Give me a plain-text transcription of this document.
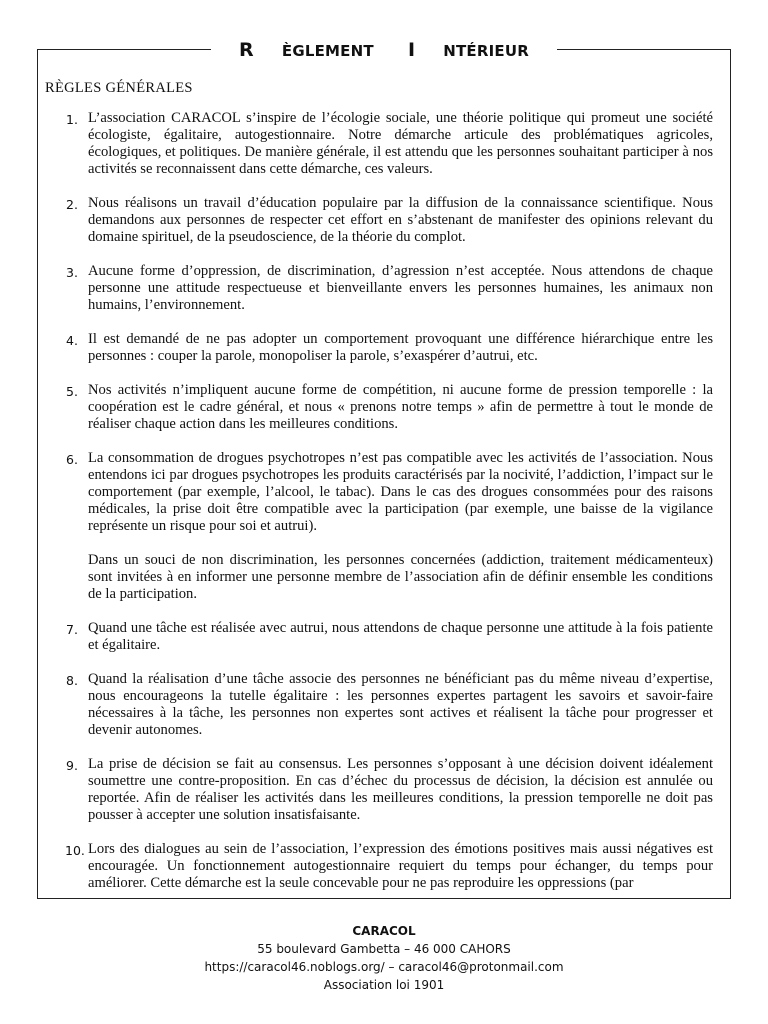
R ÈGLEMENT I NTÉRIEUR
RÈGLES GÉNÉRALES
1. L’association CARACOL s’inspire de l’écologie sociale, une théorie politique qui promeut une société écologiste, égalitaire, autogestionnaire. Notre démarche articule des problématiques agricoles, écologiques, et politiques. De manière générale, il est attendu que les personnes souhaitant participer à nos activités se reconnaissent dans cette démarche, ces valeurs.
2. Nous réalisons un travail d’éducation populaire par la diffusion de la connaissance scientifique. Nous demandons aux personnes de respecter cet effort en s’abstenant de manifester des opinions relevant du domaine spirituel, de la pseudoscience, de la théorie du complot.
3. Aucune forme d’oppression, de discrimination, d’agression n’est acceptée. Nous attendons de chaque personne une attitude respectueuse et bienveillante envers les personnes humaines, les animaux non humains, l’environnement.
4. Il est demandé de ne pas adopter un comportement provoquant une différence hiérarchique entre les personnes : couper la parole, monopoliser la parole, s’exaspérer d’autrui, etc.
5. Nos activités n’impliquent aucune forme de compétition, ni aucune forme de pression temporelle : la coopération est le cadre général, et nous « prenons notre temps » afin de permettre à tout le monde de réaliser chaque action dans les meilleures conditions.
6. La consommation de drogues psychotropes n’est pas compatible avec les activités de l’association. Nous entendons ici par drogues psychotropes les produits caractérisés par la nocivité, l’addiction, l’impact sur le comportement (par exemple, l’alcool, le tabac). Dans le cas des drogues consommées pour des raisons médicales, la prise doit être compatible avec la participation (par exemple, une baisse de la vigilance représente un risque pour soi et autrui).
Dans un souci de non discrimination, les personnes concernées (addiction, traitement médicamenteux) sont invitées à en informer une personne membre de l’association afin de définir ensemble les conditions de la participation.
7. Quand une tâche est réalisée avec autrui, nous attendons de chaque personne une attitude à la fois patiente et égalitaire.
8. Quand la réalisation d’une tâche associe des personnes ne bénéficiant pas du même niveau d’expertise, nous encourageons la tutelle égalitaire : les personnes expertes partagent les savoirs et savoir-faire nécessaires à la tâche, les personnes non expertes sont actives et réalisent la tâche pour progresser et devenir autonomes.
9. La prise de décision se fait au consensus. Les personnes s’opposant à une décision doivent idéalement soumettre une contre-proposition. En cas d’échec du processus de décision, la décision est annulée ou reportée. Afin de réaliser les activités dans les meilleures conditions, la pression temporelle ne doit pas pousser à accepter une solution insatisfaisante.
10. Lors des dialogues au sein de l’association, l’expression des émotions positives mais aussi négatives est encouragée. Un fonctionnement autogestionnaire requiert du temps pour échanger, du temps pour améliorer. Cette démarche est la seule concevable pour ne pas reproduire les oppressions (par
CARACOL
55 boulevard Gambetta – 46 000 CAHORS
https://caracol46.noblogs.org/ – caracol46@protonmail.com
Association loi 1901
